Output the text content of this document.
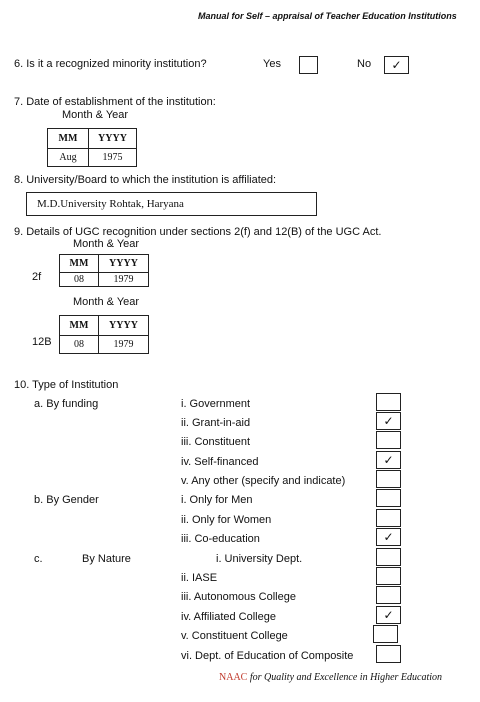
Manual for Self – appraisal of Teacher Education Institutions
6. Is it a recognized minority institution?	Yes	No	✓
7. Date of establishment of the institution:
Month & Year
MM	YYYY
Aug	1975
8. University/Board to which the institution is affiliated:
M.D.University Rohtak, Haryana
9. Details of UGC recognition under sections 2(f) and 12(B) of the UGC Act.
Month & Year
2f
MM	YYYY
08	1979
Month & Year
12B
MM	YYYY
08	1979
10. Type of Institution
a. By funding	i. Government
ii. Grant-in-aid	✓
iii. Constituent
iv. Self-financed	✓
v. Any other (specify and indicate)
b. By Gender	i. Only for Men
ii. Only for Women
iii. Co-education	✓
c.	By Nature	i. University Dept.
ii. IASE
iii. Autonomous College
iv. Affiliated College	✓
v. Constituent College
vi. Dept. of Education of Composite
NAAC for Quality and Excellence in Higher Education
